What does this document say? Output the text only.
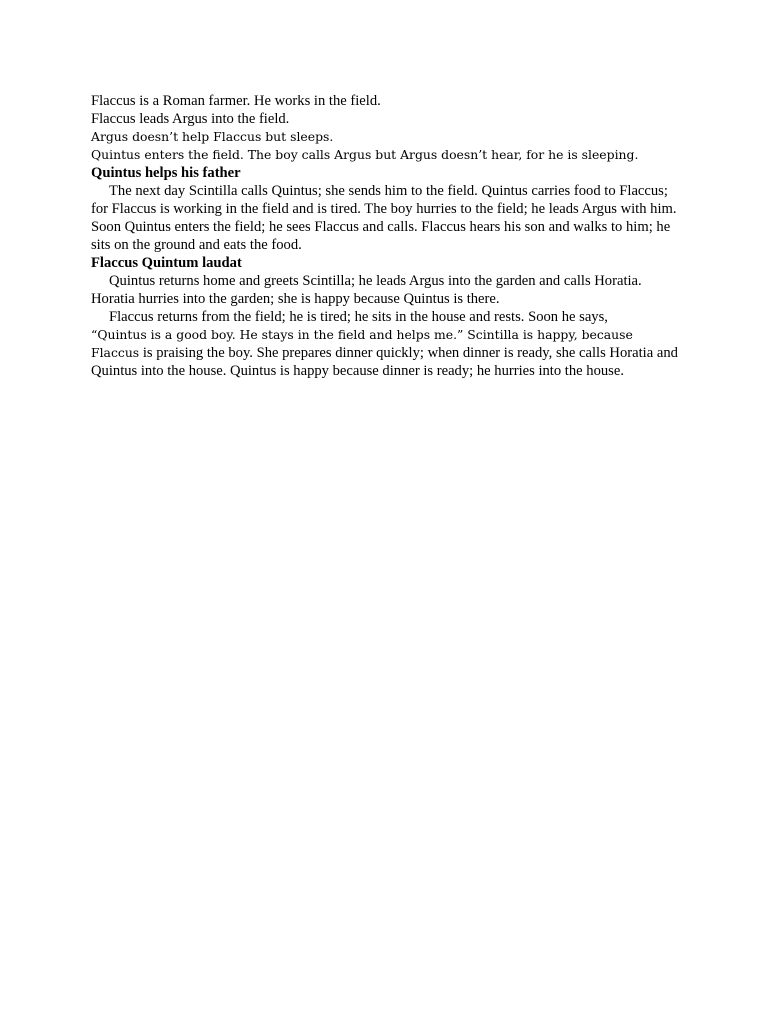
Flaccus is a Roman farmer. He works in the field.

Flaccus leads Argus into the field.

Argus doesn’t help Flaccus but sleeps.

Quintus enters the field. The boy calls Argus but Argus doesn’t hear, for he is sleeping.

Quintus helps his father

The next day Scintilla calls Quintus; she sends him to the field. Quintus carries food to Flaccus; for Flaccus is working in the field and is tired. The boy hurries to the field; he leads Argus with him. Soon Quintus enters the field; he sees Flaccus and calls. Flaccus hears his son and walks to him; he sits on the ground and eats the food.

Flaccus Quintum laudat

Quintus returns home and greets Scintilla; he leads Argus into the garden and calls Horatia. Horatia hurries into the garden; she is happy because Quintus is there.

Flaccus returns from the field; he is tired; he sits in the house and rests. Soon he says,
“Quintus is a good boy. He stays in the field and helps me.” Scintilla is happy, because Flaccus is praising the boy. She prepares dinner quickly; when dinner is ready, she calls Horatia and Quintus into the house. Quintus is happy because dinner is ready; he hurries into the house.
